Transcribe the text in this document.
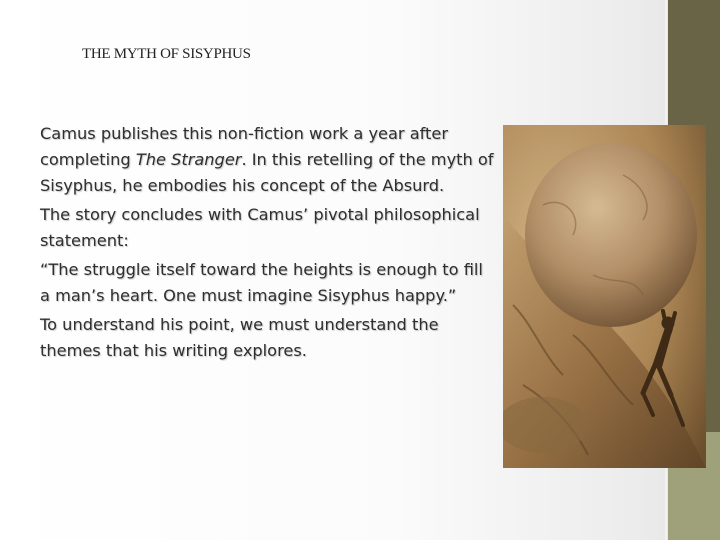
THE MYTH OF SISYPHUS

Camus publishes this non-fiction work a year after completing The Stranger. In this retelling of the myth of Sisyphus, he embodies his concept of the Absurd.

The story concludes with Camus’ pivotal philosophical statement:

“The struggle itself toward the heights is enough to fill a man’s heart. One must imagine Sisyphus happy.”

To understand his point, we must understand the themes that his writing explores.
